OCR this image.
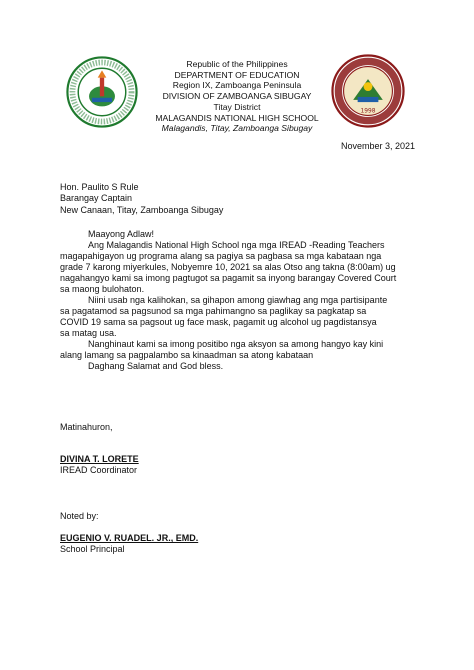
Republic of the Philippines
DEPARTMENT OF EDUCATION
Region IX, Zamboanga Peninsula
DIVISION OF ZAMBOANGA SIBUGAY
Titay District
MALAGANDIS NATIONAL HIGH SCHOOL
Malagandis, Titay, Zamboanga Sibugay
1998
November 3, 2021
Hon. Paulito S Rule
Barangay Captain
New Canaan, Titay, Zamboanga Sibugay
Maayong Adlaw!
Ang Malagandis National High School nga mga IREAD -Reading Teachers
magapahigayon ug programa alang sa pagiya sa pagbasa sa mga kabataan nga
grade 7 karong miyerkules, Nobyemre 10, 2021 sa alas Otso ang takna (8:00am) ug
nagahangyo kami sa imong pagtugot sa pagamit sa inyong barangay Covered Court
sa maong bulohaton.
Niini usab nga kalihokan, sa gihapon among giawhag ang mga partisipante
sa pagatamod sa pagsunod sa mga pahimangno sa paglikay sa pagkatap sa
COVID 19 sama sa pagsout ug face mask, pagamit ug alcohol ug pagdistansya
sa matag usa.
Nanghinaut kami sa imong positibo nga aksyon sa among hangyo kay kini
alang lamang sa pagpalambo sa kinaadman sa atong kabataan
Daghang Salamat and God bless.
Matinahuron,
DIVINA T. LORETE
IREAD Coordinator
Noted by:
EUGENIO V. RUADEL. JR., EMD.
School Principal
